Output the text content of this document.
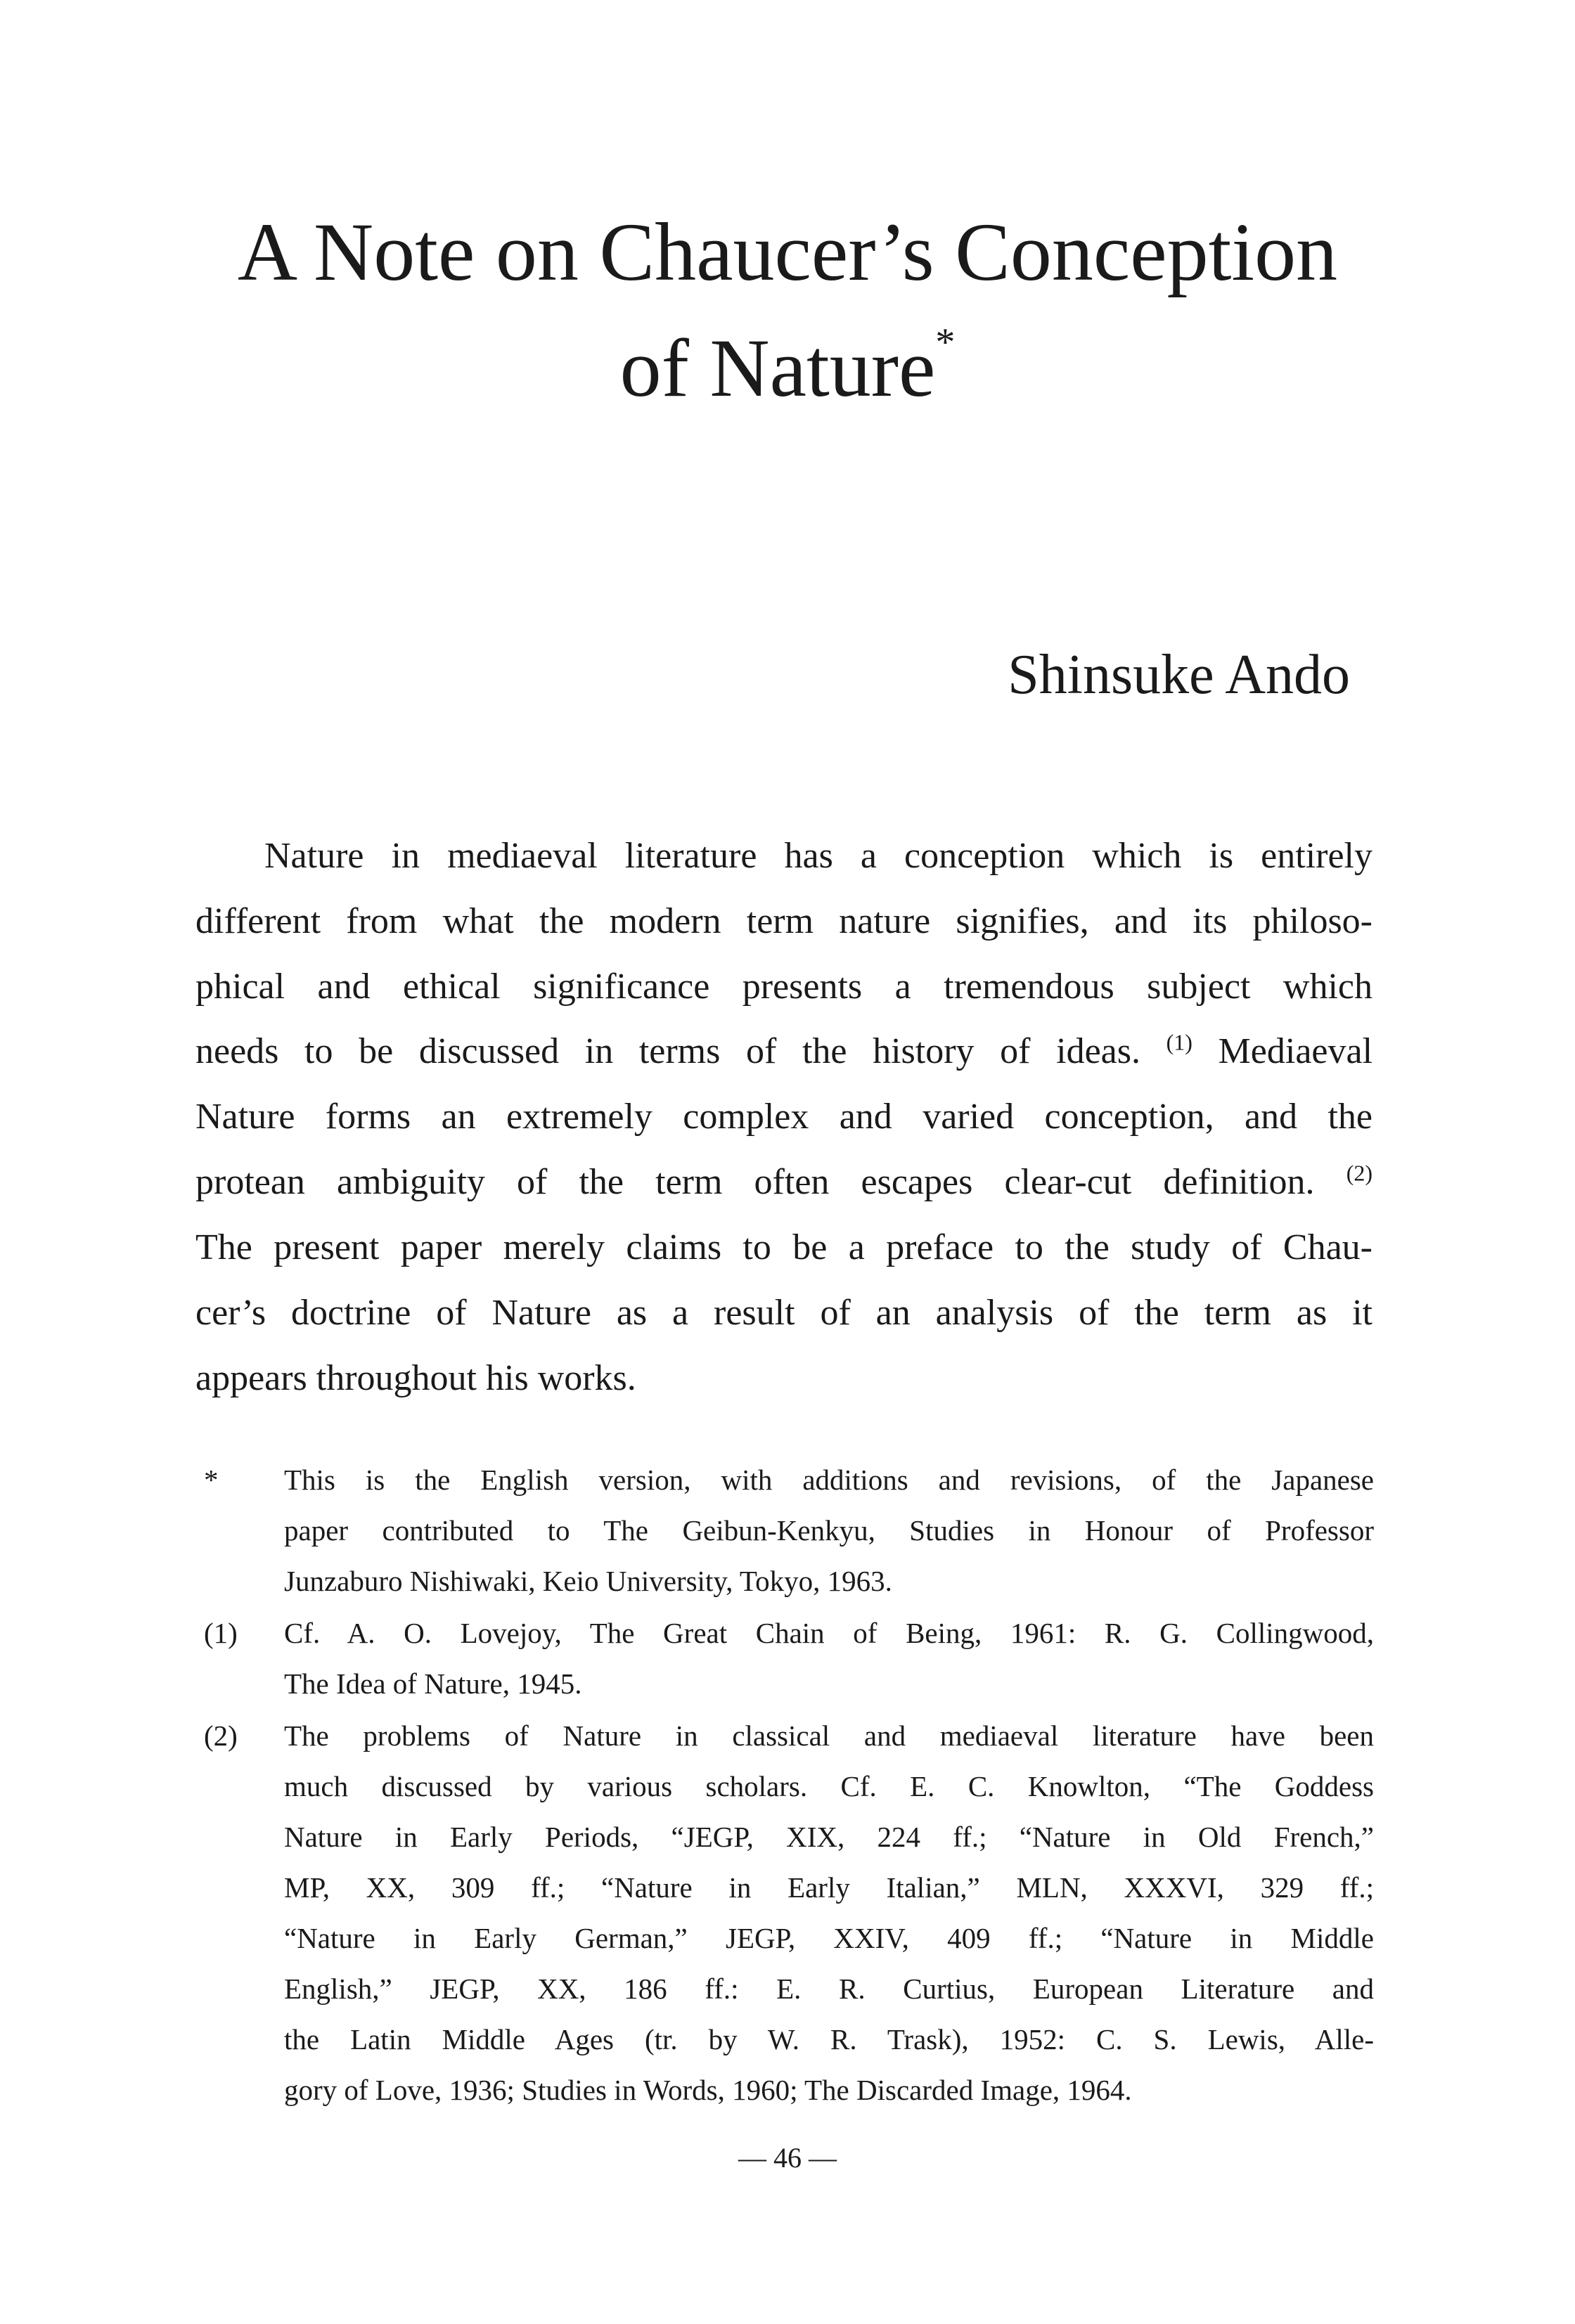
A Note on Chaucer’s Conception
of Nature*
Shinsuke Ando
Nature in mediaeval literature has a conception which is entirely
different from what the modern term nature signifies, and its philoso-
phical and ethical significance presents a tremendous subject which
needs to be discussed in terms of the history of ideas. $^{(1)}$ Mediaeval
Nature forms an extremely complex and varied conception, and the
protean ambiguity of the term often escapes clear-cut definition. $^{(2)}$
The present paper merely claims to be a preface to the study of Chau-
cer’s doctrine of Nature as a result of an analysis of the term as it
appears throughout his works.
* This is the English version, with additions and revisions, of the Japanese
paper contributed to The Geibun-Kenkyu, Studies in Honour of Professor
Junzaburo Nishiwaki, Keio University, Tokyo, 1963.
(1) Cf. A. O. Lovejoy, The Great Chain of Being, 1961: R. G. Collingwood,
The Idea of Nature, 1945.
(2) The problems of Nature in classical and mediaeval literature have been
much discussed by various scholars. Cf. E. C. Knowlton, “The Goddess
Nature in Early Periods, “JEGP, XIX, 224 ff.; “Nature in Old French,”
MP, XX, 309 ff.; “Nature in Early Italian,” MLN, XXXVI, 329 ff.;
“Nature in Early German,” JEGP, XXIV, 409 ff.; “Nature in Middle
English,” JEGP, XX, 186 ff.: E. R. Curtius, European Literature and
the Latin Middle Ages (tr. by W. R. Trask), 1952: C. S. Lewis, Alle-
gory of Love, 1936; Studies in Words, 1960; The Discarded Image, 1964.
— 46 —
